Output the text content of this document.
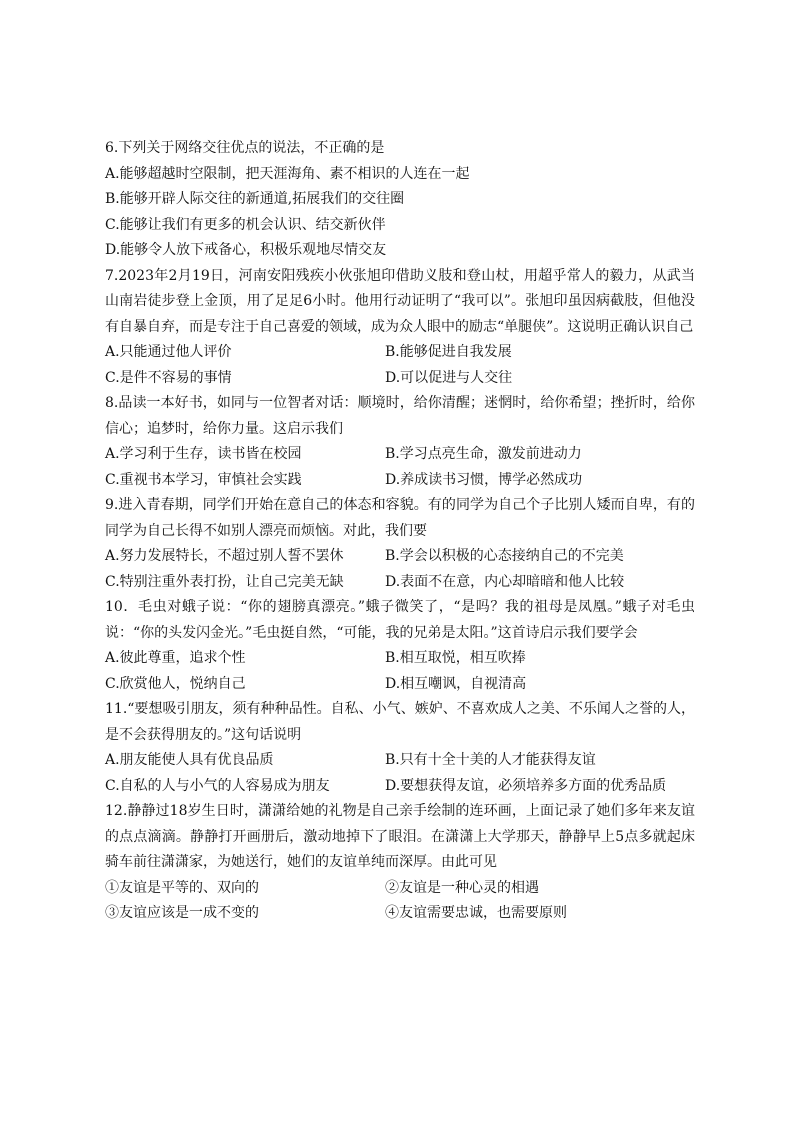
6.下列关于网络交往优点的说法，不正确的是
A.能够超越时空限制，把天涯海角、素不相识的人连在一起
B.能够开辟人际交往的新通道,拓展我们的交往圈
C.能够让我们有更多的机会认识、结交新伙伴
D.能够令人放下戒备心，积极乐观地尽情交友
7.2023年2月19日，河南安阳残疾小伙张旭印借助义肢和登山杖，用超乎常人的毅力，从武当山南岩徒步登上金顶，用了足足6小时。他用行动证明了“我可以”。张旭印虽因病截肢，但他没有自暴自弃，而是专注于自己喜爱的领域，成为众人眼中的励志“单腿侠”。这说明正确认识自己
A.只能通过他人评价	B.能够促进自我发展
C.是件不容易的事情	D.可以促进与人交往
8.品读一本好书，如同与一位智者对话：顺境时，给你清醒；迷惘时，给你希望；挫折时，给你信心；追梦时，给你力量。这启示我们
A.学习利于生存，读书皆在校园	B.学习点亮生命，激发前进动力
C.重视书本学习，审慎社会实践	D.养成读书习惯，博学必然成功
9.进入青春期，同学们开始在意自己的体态和容貌。有的同学为自己个子比别人矮而自卑，有的同学为自己长得不如别人漂亮而烦恼。对此，我们要
A.努力发展特长，不超过别人誓不罢休	B.学会以积极的心态接纳自己的不完美
C.特别注重外表打扮，让自己完美无缺	D.表面不在意，内心却暗暗和他人比较
10．毛虫对蛾子说：“你的翅膀真漂亮。”蛾子微笑了，“是吗？我的祖母是凤凰。”蛾子对毛虫说：“你的头发闪金光。”毛虫挺自然，“可能，我的兄弟是太阳。”这首诗启示我们要学会
A.彼此尊重，追求个性	B.相互取悦，相互吹捧
C.欣赏他人，悦纳自己	D.相互嘲讽，自视清高
11.“要想吸引朋友，须有种种品性。自私、小气、嫉妒、不喜欢成人之美、不乐闻人之誉的人，是不会获得朋友的。”这句话说明
A.朋友能使人具有优良品质	B.只有十全十美的人才能获得友谊
C.自私的人与小气的人容易成为朋友	D.要想获得友谊，必须培养多方面的优秀品质
12.静静过18岁生日时，潇潇给她的礼物是自己亲手绘制的连环画，上面记录了她们多年来友谊的点点滴滴。静静打开画册后，激动地掉下了眼泪。在潇潇上大学那天，静静早上5点多就起床骑车前往潇潇家，为她送行，她们的友谊单纯而深厚。由此可见
①友谊是平等的、双向的	②友谊是一种心灵的相遇
③友谊应该是一成不变的	④友谊需要忠诚，也需要原则
